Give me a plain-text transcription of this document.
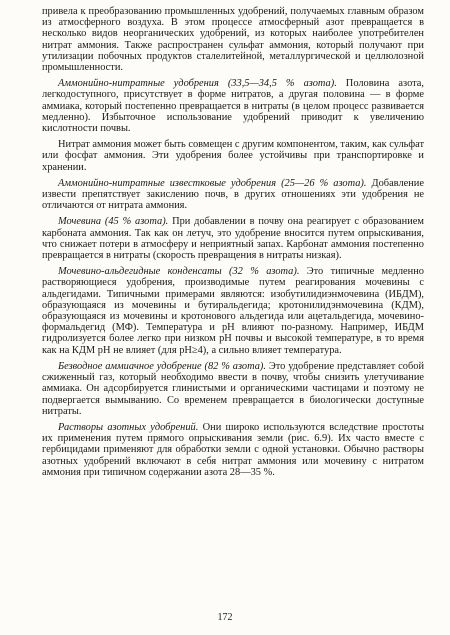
привела к преобразованию промышленных удобрений, получаемых главным образом из атмосферного воздуха. В этом процессе атмосферный азот превращается в несколько видов неорганических удобрений, из которых наиболее употребителен нитрат аммония. Также распространен сульфат аммония, который получают при утилизации побочных продуктов сталелитейной, металлургической и целлюлозной промышленности.

Аммонийно-нитратные удобрения (33,5—34,5 % азота). Половина азота, легкодоступного, присутствует в форме нитратов, а другая половина — в форме аммиака, который постепенно превращается в нитраты (в целом процесс развивается медленно). Избыточное использование удобрений приводит к увеличению кислотности почвы.

Нитрат аммония может быть совмещен с другим компонентом, таким, как сульфат или фосфат аммония. Эти удобрения более устойчивы при транспортировке и хранении.

Аммонийно-нитратные известковые удобрения (25—26 % азота). Добавление извести препятствует закислению почв, в других отношениях эти удобрения не отличаются от нитрата аммония.

Мочевина (45 % азота). При добавлении в почву она реагирует с образованием карбоната аммония. Так как он летуч, это удобрение вносится путем опрыскивания, что снижает потери в атмосферу и неприятный запах. Карбонат аммония постепенно превращается в нитраты (скорость превращения в нитраты низкая).

Мочевино-альдегидные конденсаты (32 % азота). Это типичные медленно растворяющиеся удобрения, производимые путем реагирования мочевины с альдегидами. Типичными примерами являются: изобутилидиэнмочевина (ИБДМ), образующаяся из мочевины и бутиральдегида; кротонилидэнмочевина (КДМ), образующаяся из мочевины и кротонового альдегида или ацетальдегида, мочевино-формальдегид (МФ). Температура и pH влияют по-разному. Например, ИБДМ гидролизуется более легко при низком pH почвы и высокой температуре, в то время как на КДМ pH не влияет (для pH≥4), а сильно влияет температура.

Безводное аммиачное удобрение (82 % азота). Это удобрение представляет собой сжиженный газ, который необходимо ввести в почву, чтобы снизить улетучивание аммиака. Он адсорбируется глинистыми и органическими частицами и поэтому не подвергается вымыванию. Со временем превращается в биологически доступные нитраты.

Растворы азотных удобрений. Они широко используются вследствие простоты их применения путем прямого опрыскивания земли (рис. 6.9). Их часто вместе с гербицидами применяют для обработки земли с одной установки. Обычно растворы азотных удобрений включают в себя нитрат аммония или мочевину с нитратом аммония при типичном содержании азота 28—35 %.

172
